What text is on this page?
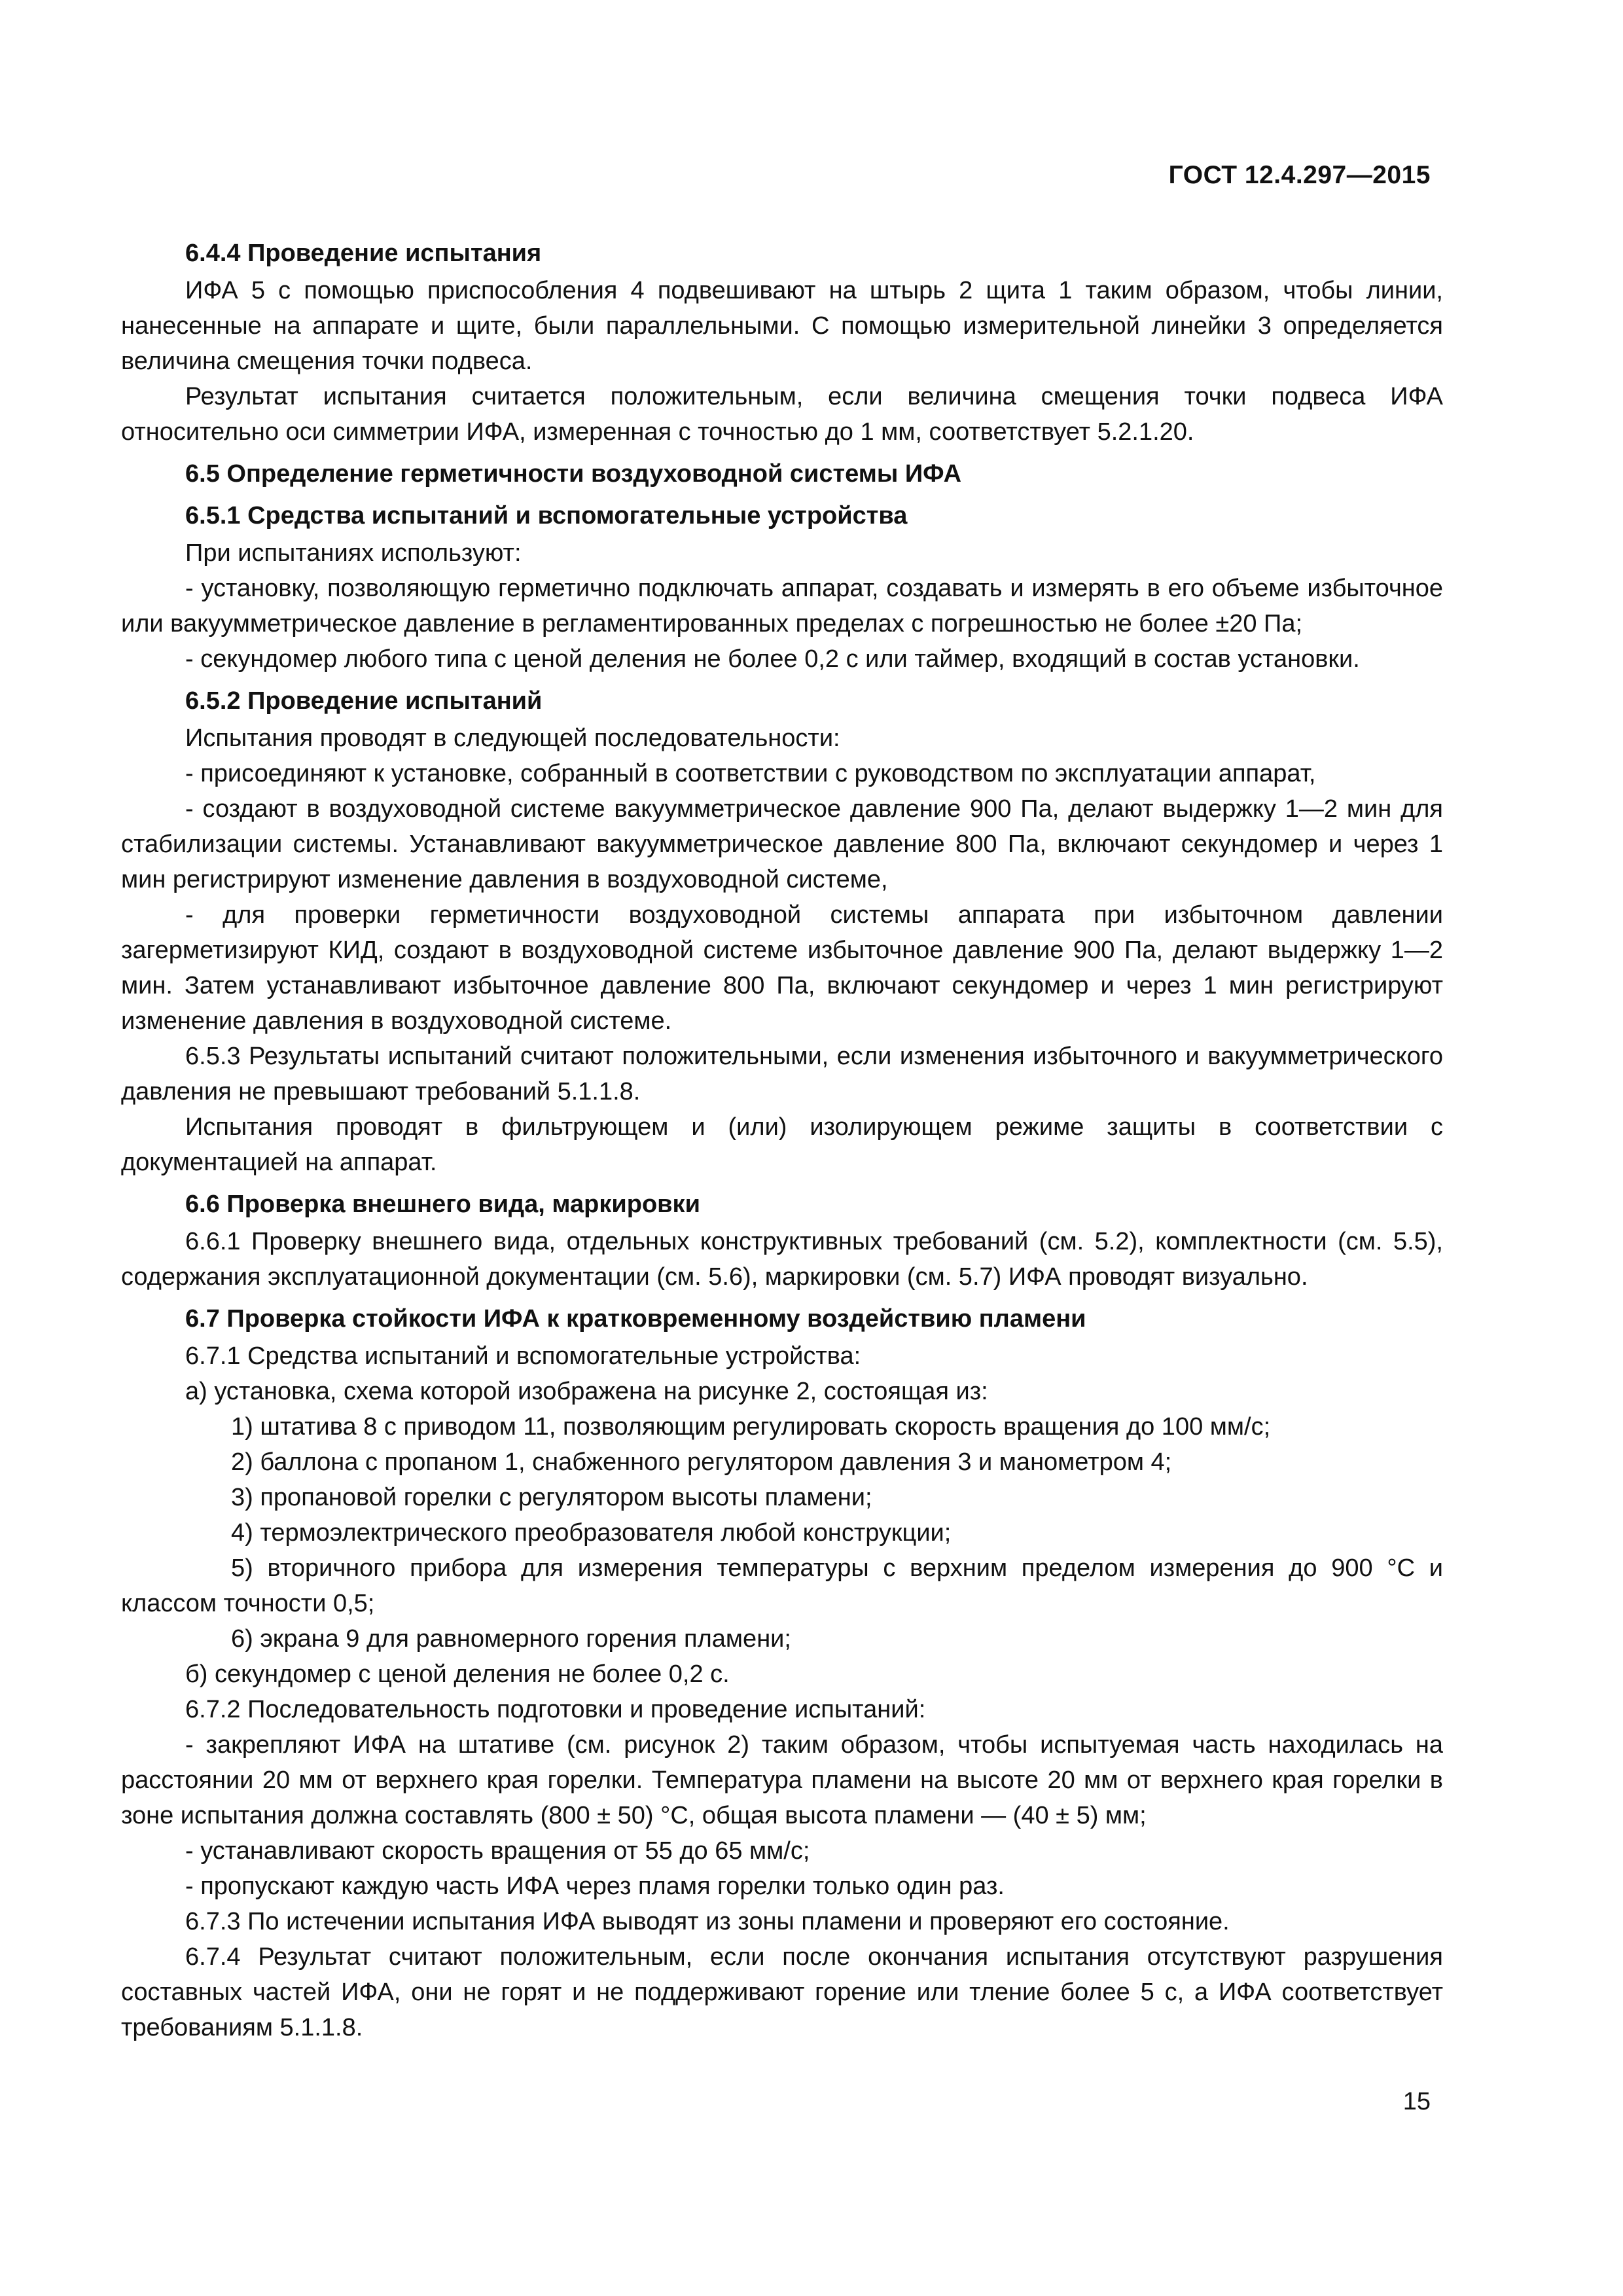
ГОСТ 12.4.297—2015

6.4.4 Проведение испытания

ИФА 5 с помощью приспособления 4 подвешивают на штырь 2 щита 1 таким образом, чтобы линии, нанесенные на аппарате и щите, были параллельными. С помощью измерительной линейки 3 определяется величина смещения точки подвеса.

Результат испытания считается положительным, если величина смещения точки подвеса ИФА относительно оси симметрии ИФА, измеренная с точностью до 1 мм, соответствует 5.2.1.20.

6.5 Определение герметичности воздуховодной системы ИФА

6.5.1 Средства испытаний и вспомогательные устройства

При испытаниях используют:

- установку, позволяющую герметично подключать аппарат, создавать и измерять в его объеме избыточное или вакуумметрическое давление в регламентированных пределах с погрешностью не более ±20 Па;

- секундомер любого типа с ценой деления не более 0,2 с или таймер, входящий в состав установки.

6.5.2 Проведение испытаний

Испытания проводят в следующей последовательности:

- присоединяют к установке, собранный в соответствии с руководством по эксплуатации аппарат,

- создают в воздуховодной системе вакуумметрическое давление 900 Па, делают выдержку 1—2 мин для стабилизации системы. Устанавливают вакуумметрическое давление 800 Па, включают секундомер и через 1 мин регистрируют изменение давления в воздуховодной системе,

- для проверки герметичности воздуховодной системы аппарата при избыточном давлении загерметизируют КИД, создают в воздуховодной системе избыточное давление 900 Па, делают выдержку 1—2 мин. Затем устанавливают избыточное давление 800 Па, включают секундомер и через 1 мин регистрируют изменение давления в воздуховодной системе.

6.5.3 Результаты испытаний считают положительными, если изменения избыточного и вакуумметрического давления не превышают требований 5.1.1.8.

Испытания проводят в фильтрующем и (или) изолирующем режиме защиты в соответствии с документацией на аппарат.

6.6 Проверка внешнего вида, маркировки

6.6.1 Проверку внешнего вида, отдельных конструктивных требований (см. 5.2), комплектности (см. 5.5), содержания эксплуатационной документации (см. 5.6), маркировки (см. 5.7) ИФА проводят визуально.

6.7 Проверка стойкости ИФА к кратковременному воздействию пламени

6.7.1 Средства испытаний и вспомогательные устройства:

а) установка, схема которой изображена на рисунке 2, состоящая из:

1) штатива 8 с приводом 11, позволяющим регулировать скорость вращения до 100 мм/с;

2) баллона с пропаном 1, снабженного регулятором давления 3 и манометром 4;

3) пропановой горелки с регулятором высоты пламени;

4) термоэлектрического преобразователя любой конструкции;

5) вторичного прибора для измерения температуры с верхним пределом измерения до 900 °С и классом точности 0,5;

6) экрана 9 для равномерного горения пламени;

б) секундомер с ценой деления не более 0,2 с.

6.7.2 Последовательность подготовки и проведение испытаний:

- закрепляют ИФА на штативе (см. рисунок 2) таким образом, чтобы испытуемая часть находилась на расстоянии 20 мм от верхнего края горелки. Температура пламени на высоте 20 мм от верхнего края горелки в зоне испытания должна составлять (800 ± 50) °С, общая высота пламени — (40 ± 5) мм;

- устанавливают скорость вращения от 55 до 65 мм/с;

- пропускают каждую часть ИФА через пламя горелки только один раз.

6.7.3 По истечении испытания ИФА выводят из зоны пламени и проверяют его состояние.

6.7.4 Результат считают положительным, если после окончания испытания отсутствуют разрушения составных частей ИФА, они не горят и не поддерживают горение или тление более 5 с, а ИФА соответствует требованиям 5.1.1.8.

15
